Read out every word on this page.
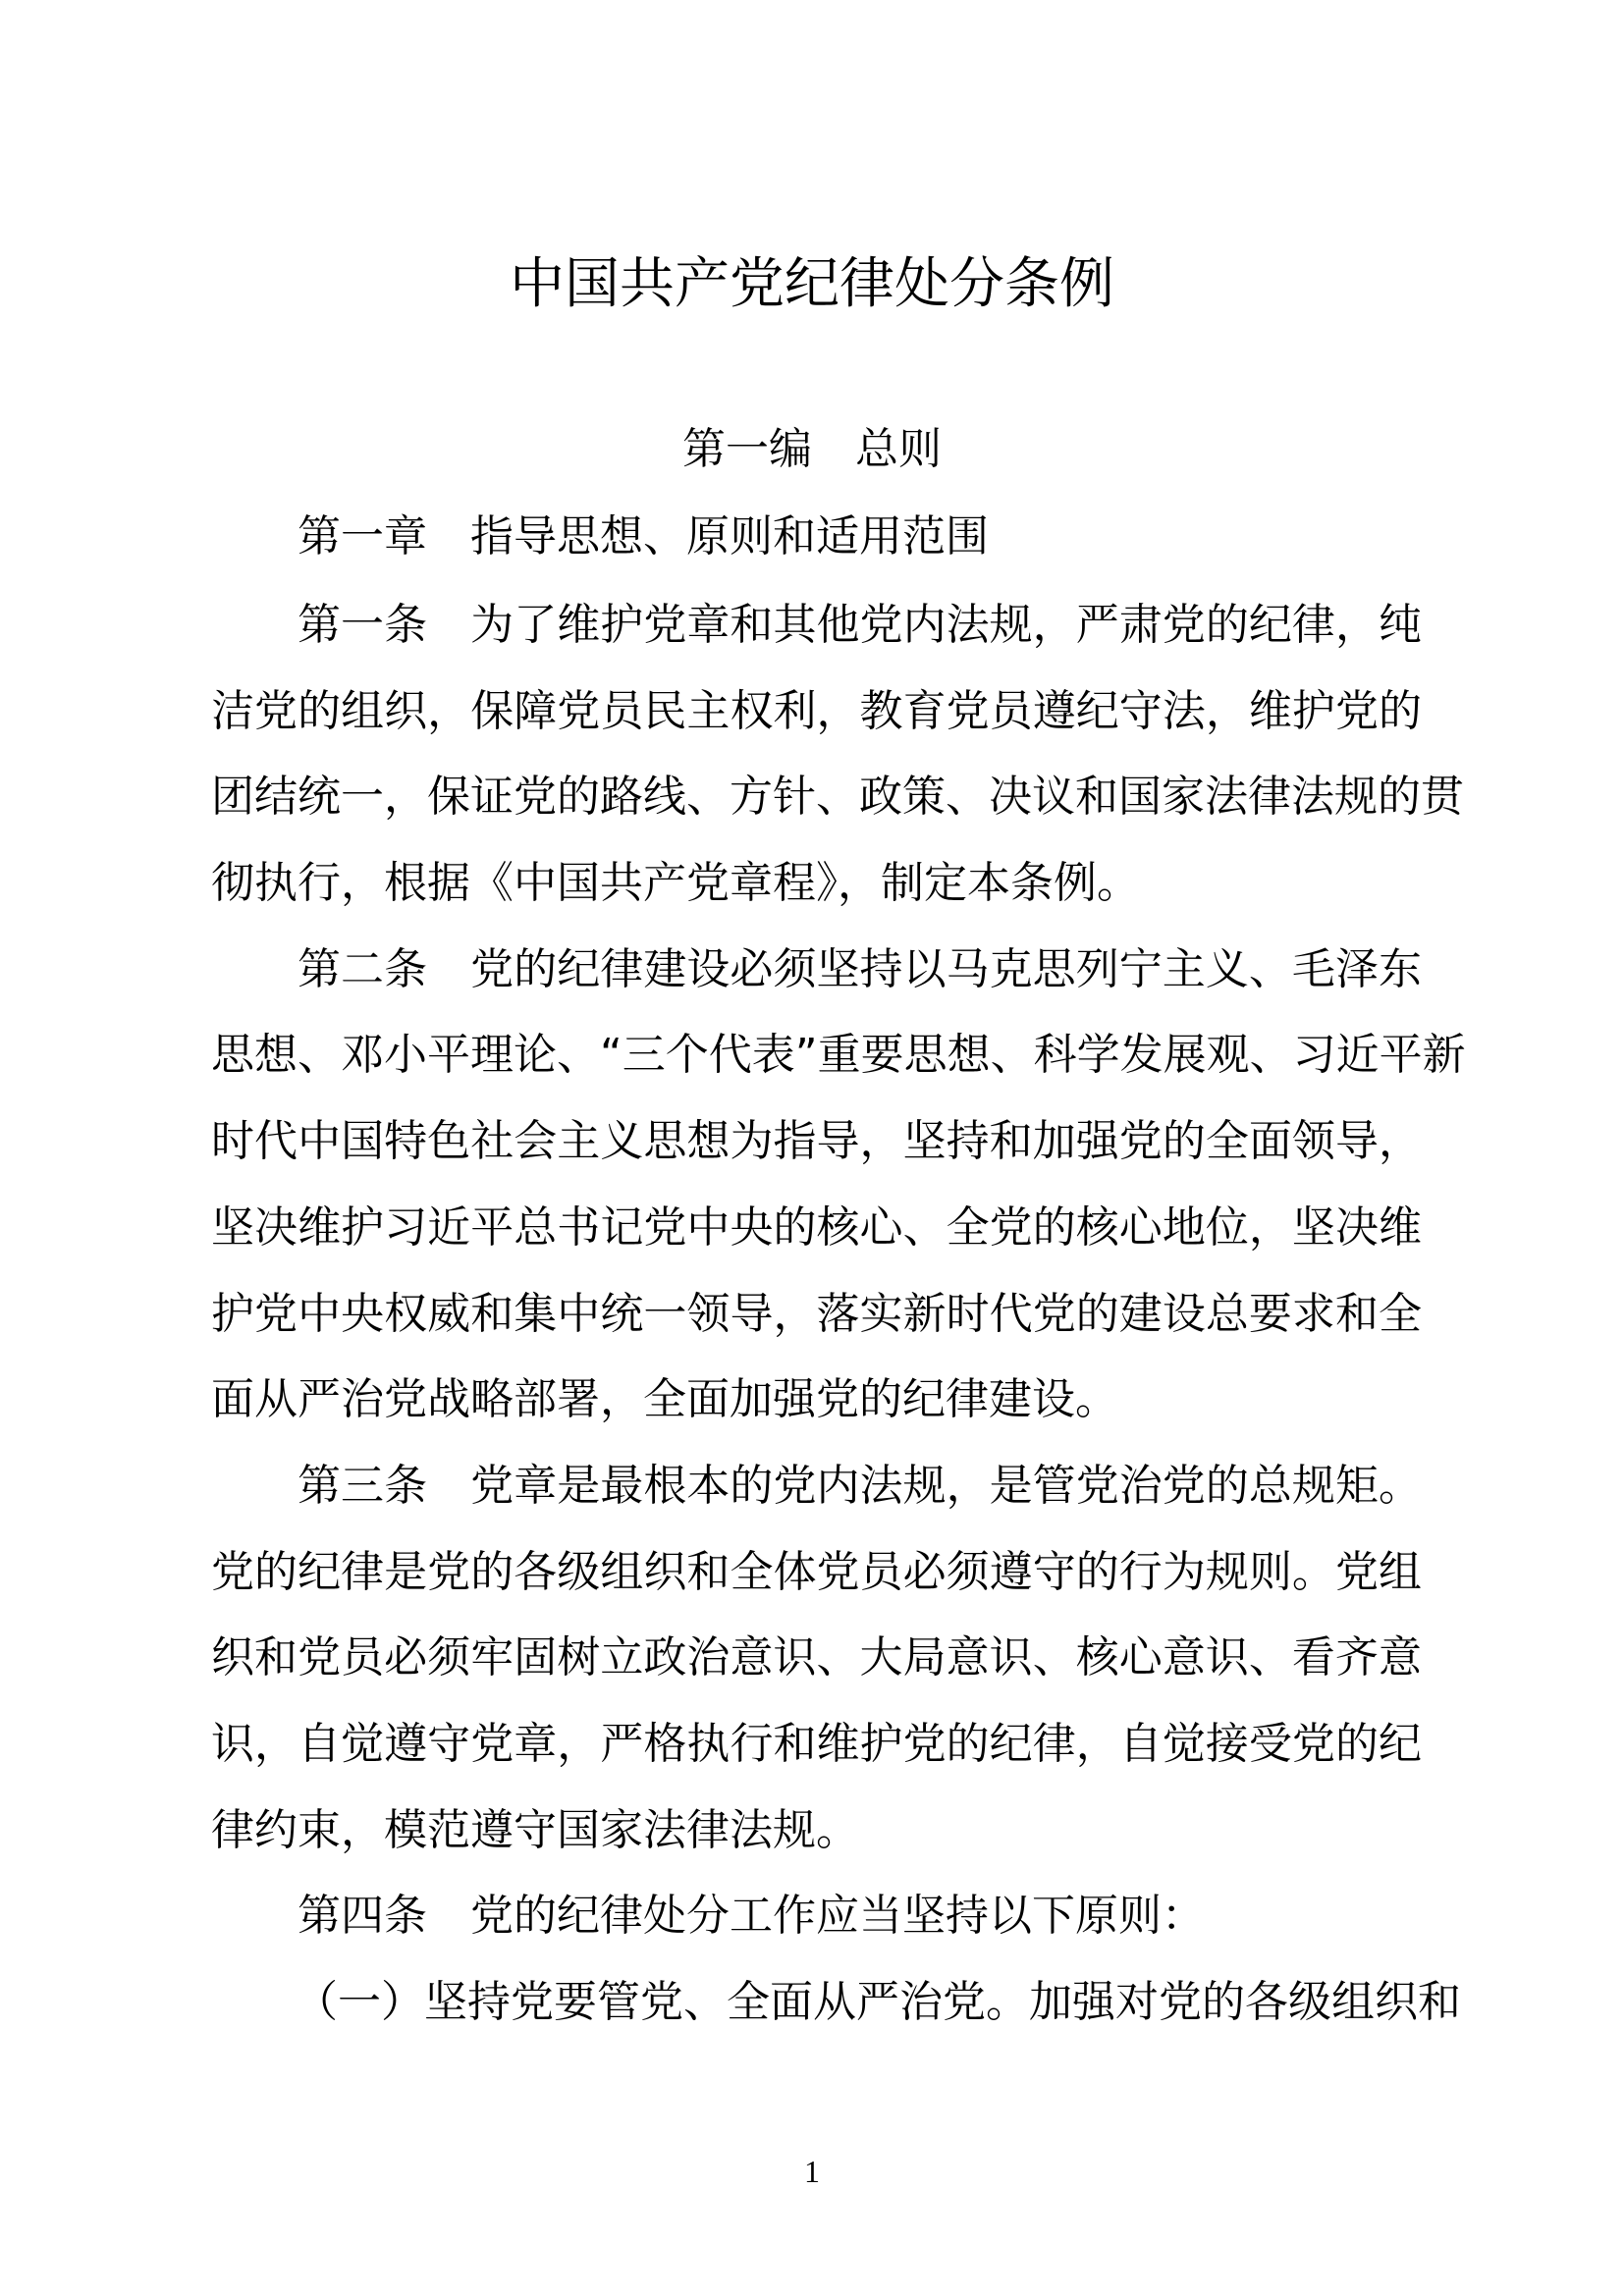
中国共产党纪律处分条例
第一编 总则
第一章 指导思想、原则和适用范围
第一条 为了维护党章和其他党内法规，严肃党的纪律，纯
洁党的组织，保障党员民主权利，教育党员遵纪守法，维护党的
团结统一，保证党的路线、方针、政策、决议和国家法律法规的贯
彻执行，根据《中国共产党章程》，制定本条例。
第二条 党的纪律建设必须坚持以马克思列宁主义、毛泽东
思想、邓小平理论、“三个代表”重要思想、科学发展观、习近平新
时代中国特色社会主义思想为指导，坚持和加强党的全面领导，
坚决维护习近平总书记党中央的核心、全党的核心地位，坚决维
护党中央权威和集中统一领导，落实新时代党的建设总要求和全
面从严治党战略部署，全面加强党的纪律建设。
第三条 党章是最根本的党内法规，是管党治党的总规矩。
党的纪律是党的各级组织和全体党员必须遵守的行为规则。党组
织和党员必须牢固树立政治意识、大局意识、核心意识、看齐意
识，自觉遵守党章，严格执行和维护党的纪律，自觉接受党的纪
律约束，模范遵守国家法律法规。
第四条 党的纪律处分工作应当坚持以下原则：
（一）坚持党要管党、全面从严治党。加强对党的各级组织和
1
